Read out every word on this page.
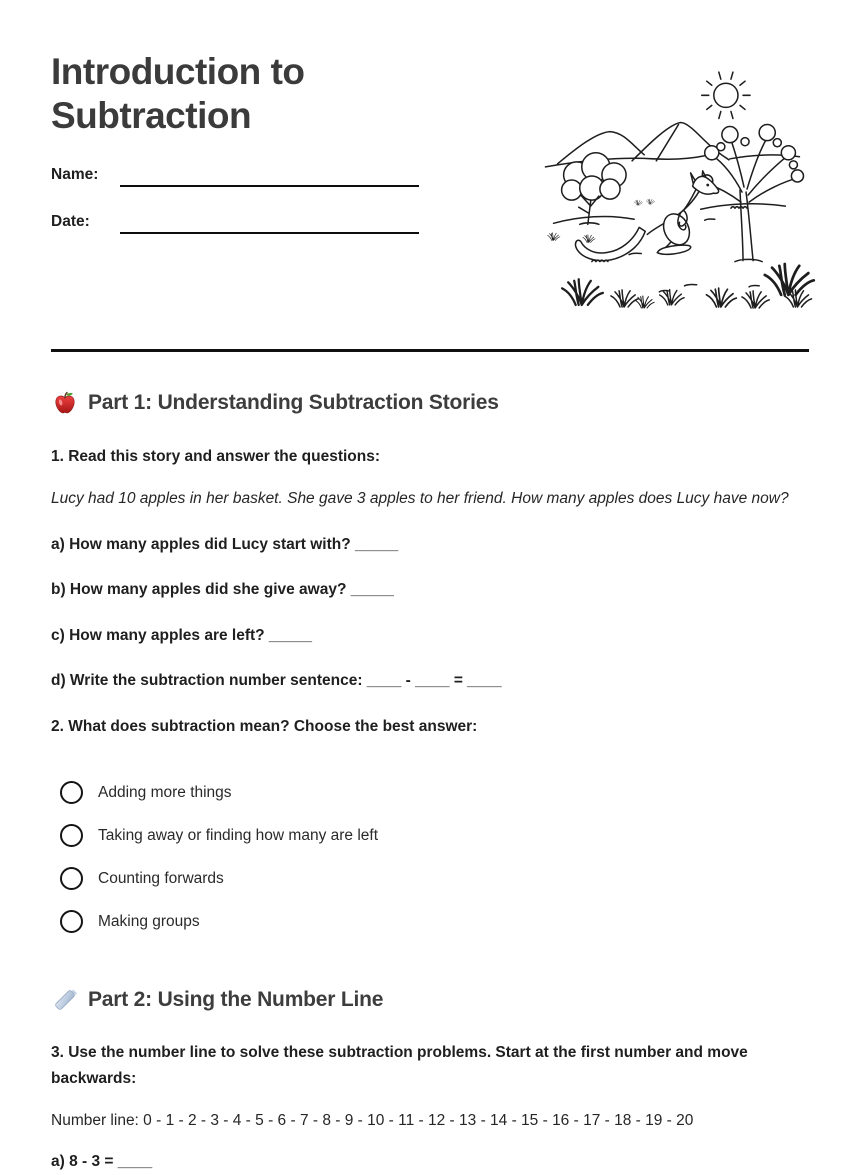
Introduction to Subtraction
Name:
Date:
Part 1: Understanding Subtraction Stories

1. Read this story and answer the questions:

Lucy had 10 apples in her basket. She gave 3 apples to her friend. How many apples does Lucy have now?

a) How many apples did Lucy start with? _____

b) How many apples did she give away? _____

c) How many apples are left? _____

d) Write the subtraction number sentence: ____ - ____ = ____

2. What does subtraction mean? Choose the best answer:

Adding more things
Taking away or finding how many are left
Counting forwards
Making groups
Part 2: Using the Number Line

3. Use the number line to solve these subtraction problems. Start at the first number and move backwards:

Number line: 0 - 1 - 2 - 3 - 4 - 5 - 6 - 7 - 8 - 9 - 10 - 11 - 12 - 13 - 14 - 15 - 16 - 17 - 18 - 19 - 20

a) 8 - 3 = ____
